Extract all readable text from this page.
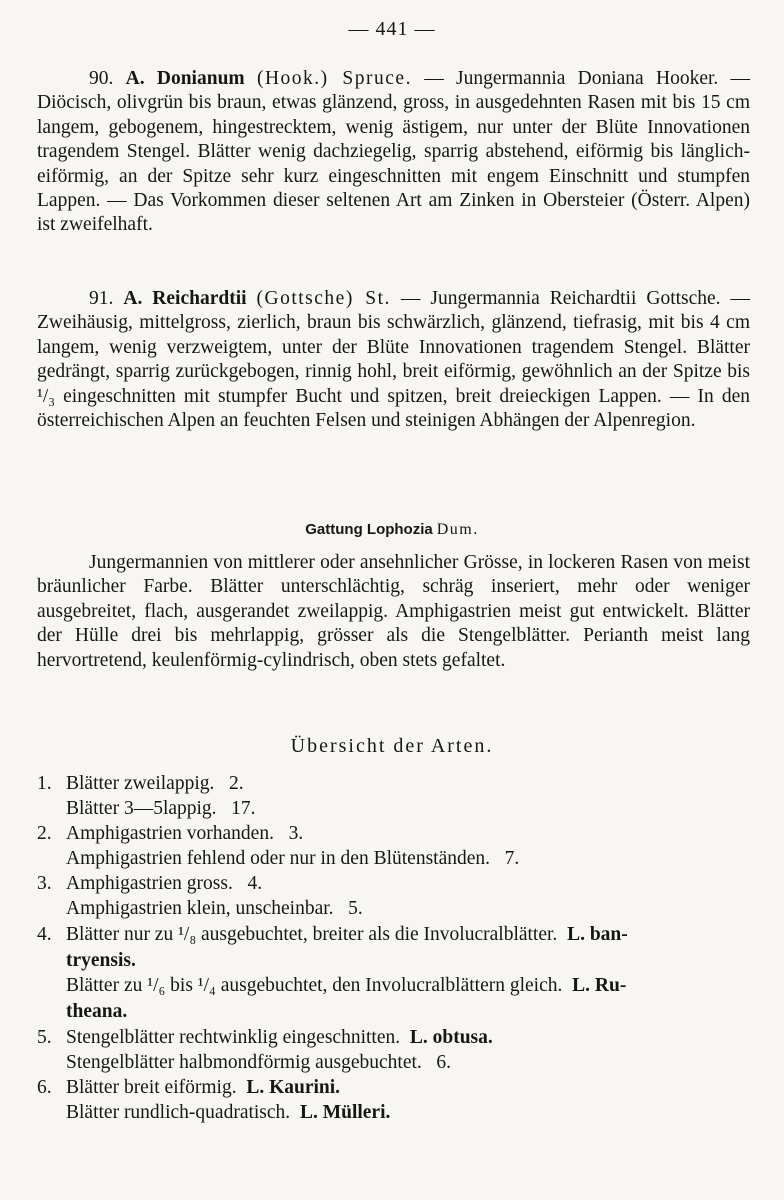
— 441 —

90. A. Donianum (Hook.) Spruce. — Jungermannia Doniana Hooker. — Diöcisch, olivgrün bis braun, etwas glänzend, gross, in ausgedehnten Rasen mit bis 15 cm langem, gebogenem, hingestrecktem, wenig ästigem, nur unter der Blüte Innovationen tragendem Stengel. Blätter wenig dachziegelig, sparrig abstehend, eiförmig bis länglich-eiförmig, an der Spitze sehr kurz eingeschnitten mit engem Einschnitt und stumpfen Lappen. — Das Vorkommen dieser seltenen Art am Zinken in Obersteier (Österr. Alpen) ist zweifelhaft.

91. A. Reichardtii (Gottsche) St. — Jungermannia Reichardtii Gottsche. — Zweihäusig, mittelgross, zierlich, braun bis schwärzlich, glänzend, tiefrasig, mit bis 4 cm langem, wenig verzweigtem, unter der Blüte Innovationen tragendem Stengel. Blätter gedrängt, sparrig zurückgebogen, rinnig hohl, breit eiförmig, gewöhnlich an der Spitze bis ¹/₃ eingeschnitten mit stumpfer Bucht und spitzen, breit dreieckigen Lappen. — In den österreichischen Alpen an feuchten Felsen und steinigen Abhängen der Alpenregion.

Gattung Lophozia Dum.

Jungermannien von mittlerer oder ansehnlicher Grösse, in lockeren Rasen von meist bräunlicher Farbe. Blätter unterschlächtig, schräg inseriert, mehr oder weniger ausgebreitet, flach, ausgerandet zweilappig. Amphigastrien meist gut entwickelt. Blätter der Hülle drei bis mehrlappig, grösser als die Stengelblätter. Perianth meist lang hervortretend, keulenförmig-cylindrisch, oben stets gefaltet.

Übersicht der Arten.
1. Blätter zweilappig.   2.
Blätter 3—5lappig.   17.
2. Amphigastrien vorhanden.   3.
Amphigastrien fehlend oder nur in den Blütenständen.   7.
3. Amphigastrien gross.   4.
Amphigastrien klein, unscheinbar.   5.
4. Blätter nur zu ¹/₈ ausgebuchtet, breiter als die Involucralblätter.  L. ban-
tryensis.
Blätter zu ¹/₆ bis ¹/₄ ausgebuchtet, den Involucralblättern gleich.  L. Ru-
theana.
5. Stengelblätter rechtwinklig eingeschnitten.  L. obtusa.
Stengelblätter halbmondförmig ausgebuchtet.   6.
6. Blätter breit eiförmig.  L. Kaurini.
Blätter rundlich-quadratisch.  L. Mülleri.
